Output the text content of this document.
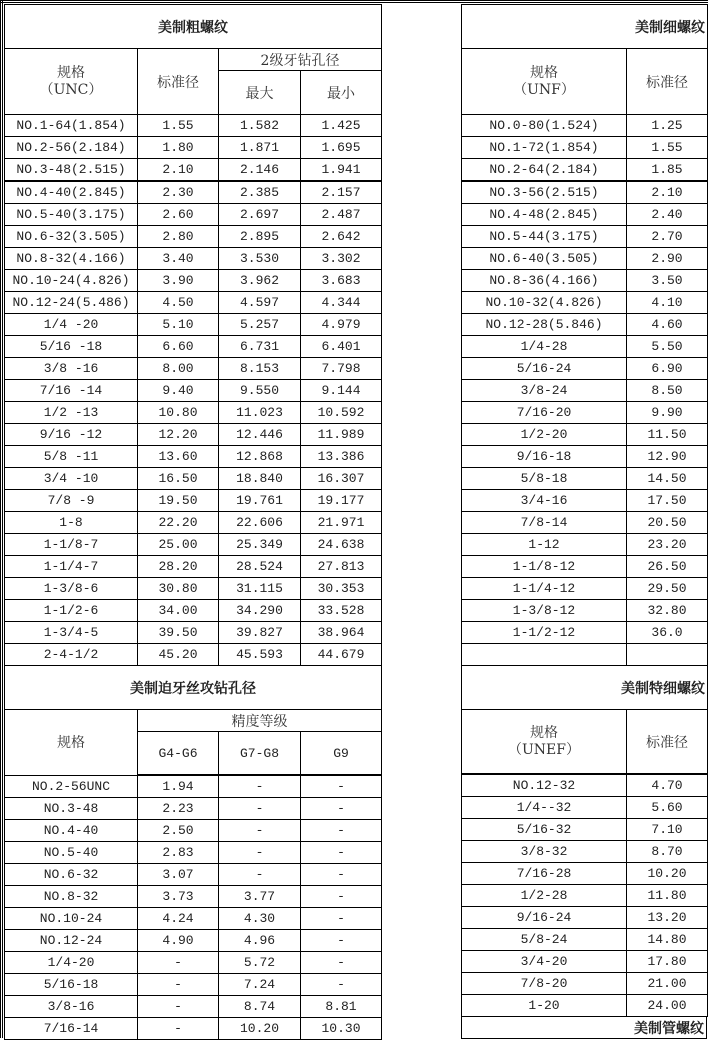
美制粗螺纹			
规格
（UNC）	标准径	2级牙钻孔径	
		最大	最小
NO.1-64(1.854)	1.55	1.582	1.425
NO.2-56(2.184)	1.80	1.871	1.695
NO.3-48(2.515)	2.10	2.146	1.941
NO.4-40(2.845)	2.30	2.385	2.157
NO.5-40(3.175)	2.60	2.697	2.487
NO.6-32(3.505)	2.80	2.895	2.642
NO.8-32(4.166)	3.40	3.530	3.302
NO.10-24(4.826)	3.90	3.962	3.683
NO.12-24(5.486)	4.50	4.597	4.344
1/4 -20	5.10	5.257	4.979
5/16 -18	6.60	6.731	6.401
3/8 -16	8.00	8.153	7.798
7/16 -14	9.40	9.550	9.144
1/2 -13	10.80	11.023	10.592
9/16 -12	12.20	12.446	11.989
5/8 -11	13.60	12.868	13.386
3/4 -10	16.50	18.840	16.307
7/8 -9	19.50	19.761	19.177
1-8	22.20	22.606	21.971
1-1/8-7	25.00	25.349	24.638
1-1/4-7	28.20	28.524	27.813
1-3/8-6	30.80	31.115	30.353
1-1/2-6	34.00	34.290	33.528
1-3/4-5	39.50	39.827	38.964
2-4-1/2	45.20	45.593	44.679
美制迫牙丝攻钻孔径			
规格	精度等级		
	G4-G6	G7-G8	G9
NO.2-56UNC	1.94	-	-
NO.3-48	2.23	-	-
NO.4-40	2.50	-	-
NO.5-40	2.83	-	-
NO.6-32	3.07	-	-
NO.8-32	3.73	3.77	-
NO.10-24	4.24	4.30	-
NO.12-24	4.90	4.96	-
1/4-20	-	5.72	-
5/16-18	-	7.24	-
3/8-16	-	8.74	8.81
7/16-14	-	10.20	10.30
美制细螺纹	
规格
（UNF）	标准径
NO.0-80(1.524)	1.25
NO.1-72(1.854)	1.55
NO.2-64(2.184)	1.85
NO.3-56(2.515)	2.10
NO.4-48(2.845)	2.40
NO.5-44(3.175)	2.70
NO.6-40(3.505)	2.90
NO.8-36(4.166)	3.50
NO.10-32(4.826)	4.10
NO.12-28(5.846)	4.60
1/4-28	5.50
5/16-24	6.90
3/8-24	8.50
7/16-20	9.90
1/2-20	11.50
9/16-18	12.90
5/8-18	14.50
3/4-16	17.50
7/8-14	20.50
1-12	23.20
1-1/8-12	26.50
1-1/4-12	29.50
1-3/8-12	32.80
1-1/2-12	36.0

美制特细螺纹	
规格
（UNEF）	标准径
NO.12-32	4.70
1/4--32	5.60
5/16-32	7.10
3/8-32	8.70
7/16-28	10.20
1/2-28	11.80
9/16-24	13.20
5/8-24	14.80
3/4-20	17.80
7/8-20	21.00
1-20	24.00
美制管螺纹
